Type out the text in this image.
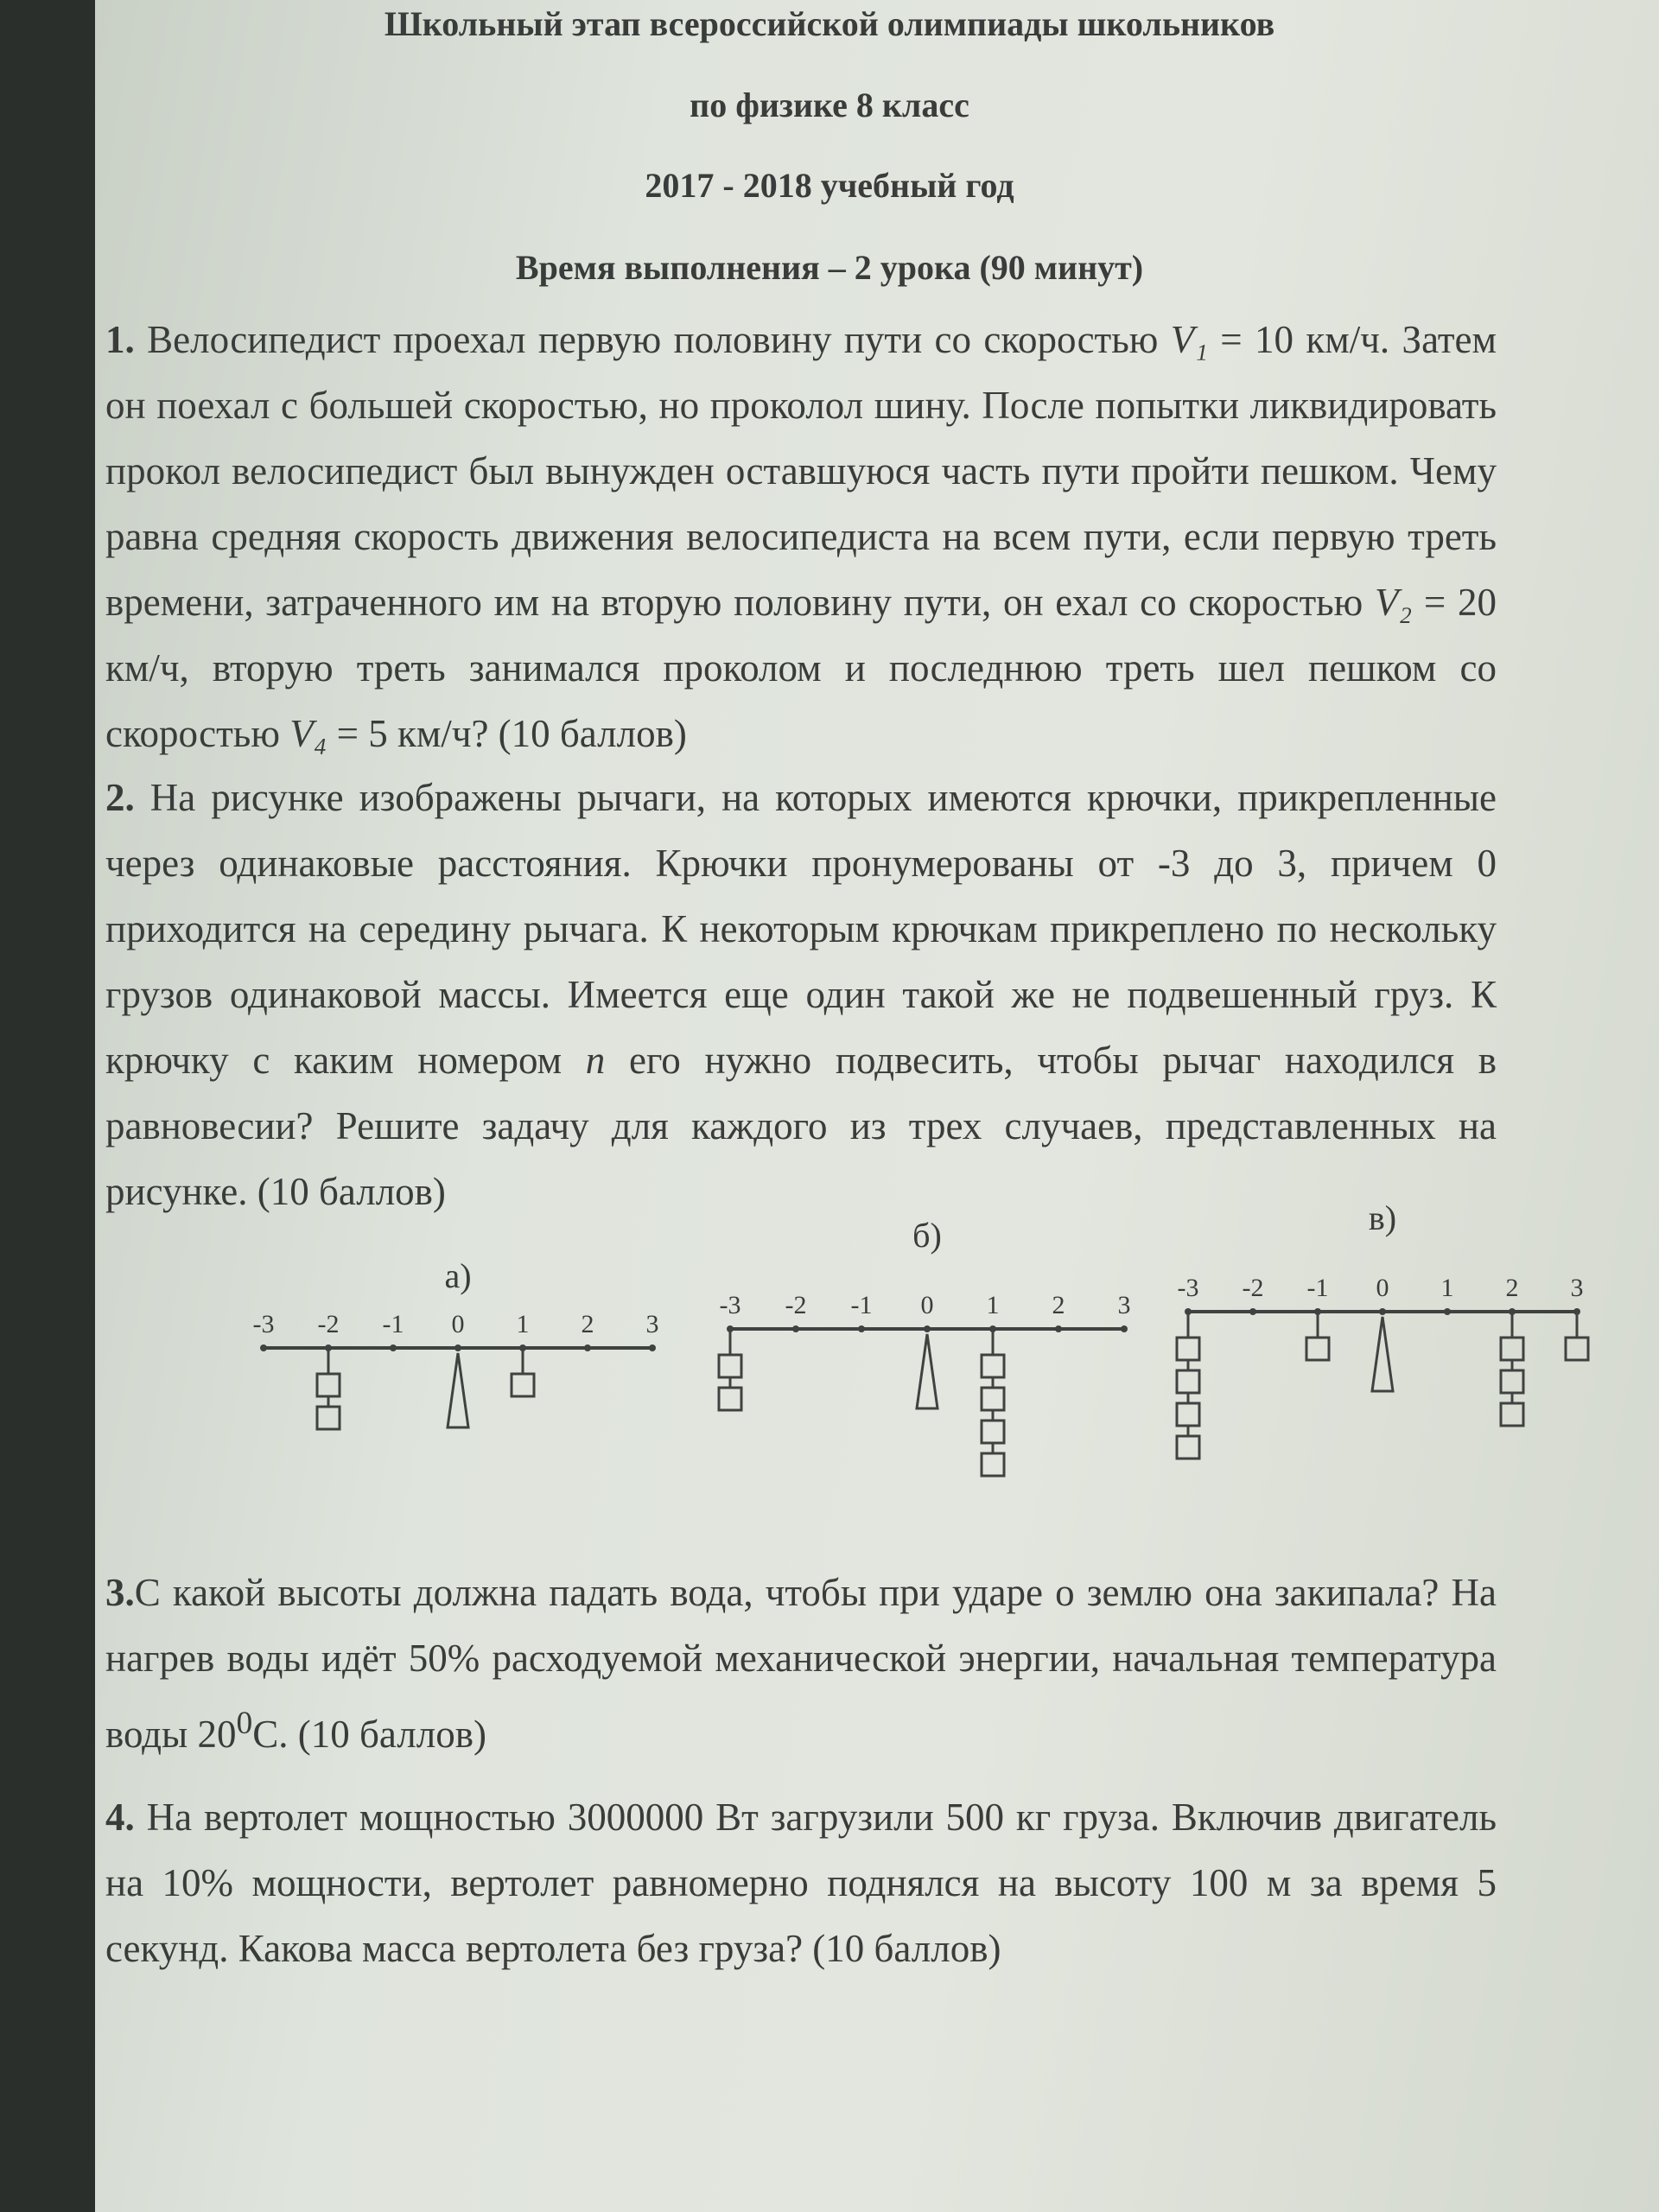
Школьный этап всероссийской олимпиады школьников
по физике 8 класс
2017 - 2018 учебный год
Время выполнения – 2 урока (90 минут)
1. Велосипедист проехал первую половину пути со скоростью V₁ = 10 км/ч. Затем он поехал с большей скоростью, но проколол шину. После попытки ликвидировать прокол велосипедист был вынужден оставшуюся часть пути пройти пешком. Чему равна средняя скорость движения велосипедиста на всем пути, если первую треть времени, затраченного им на вторую половину пути, он ехал со скоростью V₂ = 20 км/ч, вторую треть занимался проколом и последнюю треть шел пешком со скоростью V₄ = 5 км/ч? (10 баллов)
2. На рисунке изображены рычаги, на которых имеются крючки, прикрепленные через одинаковые расстояния. Крючки пронумерованы от -3 до 3, причем 0 приходится на середину рычага. К некоторым крючкам прикреплено по нескольку грузов одинаковой массы. Имеется еще один такой же не подвешенный груз. К крючку с каким номером n его нужно подвесить, чтобы рычаг находился в равновесии? Решите задачу для каждого из трех случаев, представленных на рисунке. (10 баллов)
а)
-3 -2 -1 0 1 2 3
б)
-3 -2 -1 0 1 2 3
в)
-3 -2 -1 0 1 2 3
3.С какой высоты должна падать вода, чтобы при ударе о землю она закипала? На нагрев воды идёт 50% расходуемой механической энергии, начальная температура воды $20^0С$. (10 баллов)
4. На вертолет мощностью 3000000 Вт загрузили 500 кг груза. Включив двигатель на 10% мощности, вертолет равномерно поднялся на высоту 100 м за время 5 секунд. Какова масса вертолета без груза? (10 баллов)
